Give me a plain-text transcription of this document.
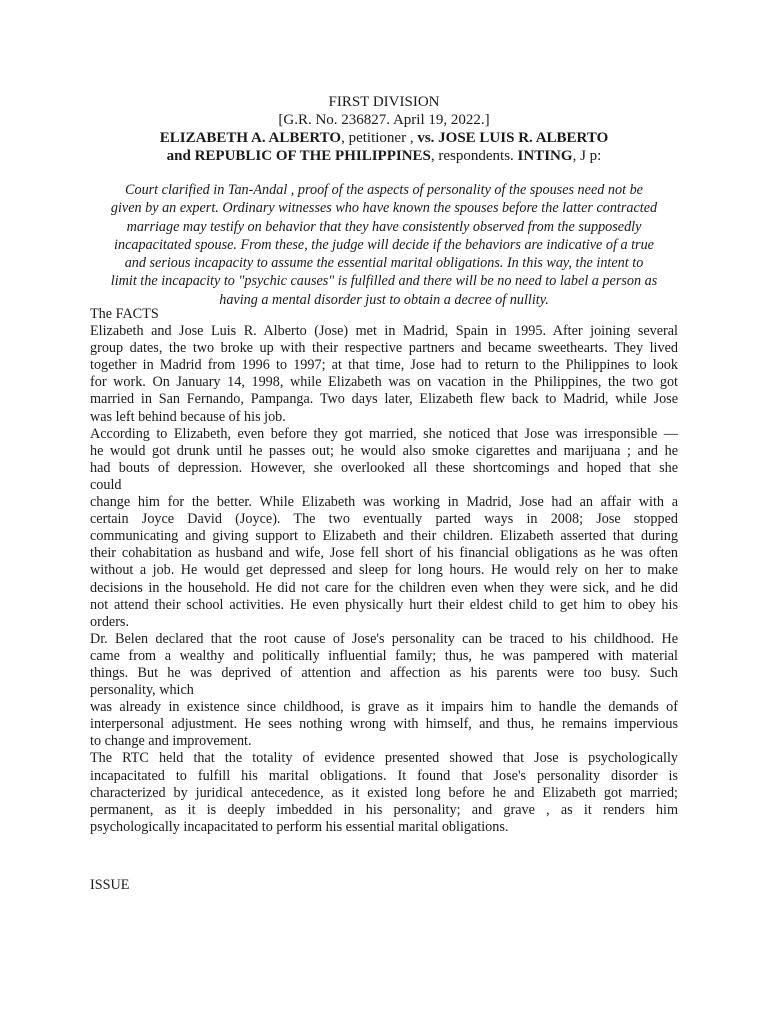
FIRST DIVISION
[G.R. No. 236827. April 19, 2022.]
ELIZABETH A. ALBERTO, petitioner , vs. JOSE LUIS R. ALBERTO
and REPUBLIC OF THE PHILIPPINES, respondents. INTING, J p:
Court clarified in Tan-Andal , proof of the aspects of personality of the spouses need not be
given by an expert. Ordinary witnesses who have known the spouses before the latter contracted
marriage may testify on behavior that they have consistently observed from the supposedly
incapacitated spouse. From these, the judge will decide if the behaviors are indicative of a true
and serious incapacity to assume the essential marital obligations. In this way, the intent to
limit the incapacity to "psychic causes" is fulfilled and there will be no need to label a person as
having a mental disorder just to obtain a decree of nullity.
The FACTS
Elizabeth and Jose Luis R. Alberto (Jose) met in Madrid, Spain in 1995. After joining several
group dates, the two broke up with their respective partners and became sweethearts. They lived
together in Madrid from 1996 to 1997; at that time, Jose had to return to the Philippines to look
for work. On January 14, 1998, while Elizabeth was on vacation in the Philippines, the two got
married in San Fernando, Pampanga. Two days later, Elizabeth flew back to Madrid, while Jose
was left behind because of his job.
According to Elizabeth, even before they got married, she noticed that Jose was irresponsible —
he would got drunk until he passes out; he would also smoke cigarettes and marijuana ; and he
had bouts of depression. However, she overlooked all these shortcomings and hoped that she
could
change him for the better. While Elizabeth was working in Madrid, Jose had an affair with a
certain Joyce David (Joyce). The two eventually parted ways in 2008; Jose stopped
communicating and giving support to Elizabeth and their children. Elizabeth asserted that during
their cohabitation as husband and wife, Jose fell short of his financial obligations as he was often
without a job. He would get depressed and sleep for long hours. He would rely on her to make
decisions in the household. He did not care for the children even when they were sick, and he did
not attend their school activities. He even physically hurt their eldest child to get him to obey his
orders.
Dr. Belen declared that the root cause of Jose's personality can be traced to his childhood. He
came from a wealthy and politically influential family; thus, he was pampered with material
things. But he was deprived of attention and affection as his parents were too busy. Such
personality, which
was already in existence since childhood, is grave as it impairs him to handle the demands of
interpersonal adjustment. He sees nothing wrong with himself, and thus, he remains impervious
to change and improvement.
The RTC held that the totality of evidence presented showed that Jose is psychologically
incapacitated to fulfill his marital obligations. It found that Jose's personality disorder is
characterized by juridical antecedence, as it existed long before he and Elizabeth got married;
permanent, as it is deeply imbedded in his personality; and grave , as it renders him
psychologically incapacitated to perform his essential marital obligations.
ISSUE
